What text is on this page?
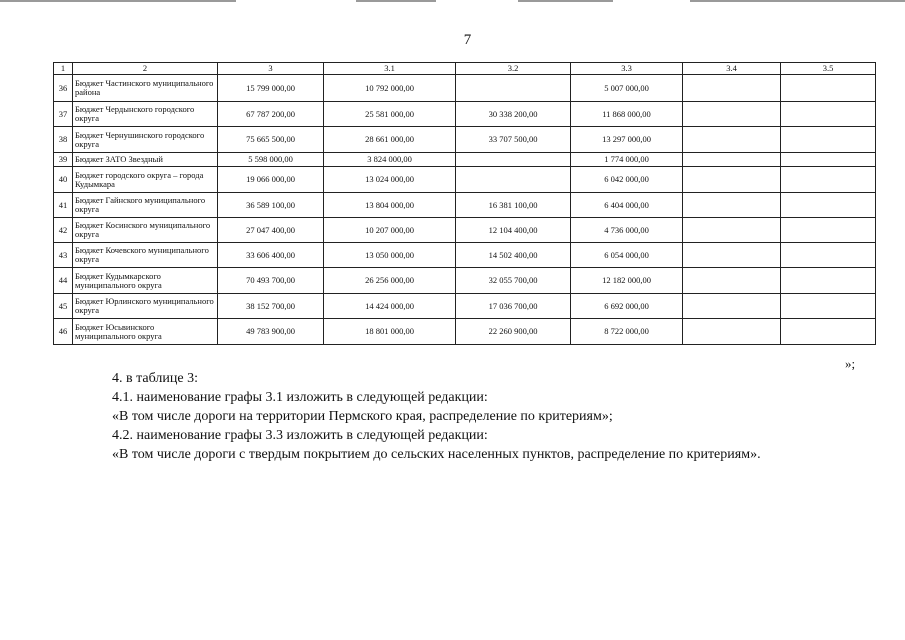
7
1	2	3	3.1	3.2	3.3	3.4	3.5
36	Бюджет Частинского муниципального района	15 799 000,00	10 792 000,00		5 007 000,00		
37	Бюджет Чердынского городского округа	67 787 200,00	25 581 000,00	30 338 200,00	11 868 000,00		
38	Бюджет Чернушинского городского округа	75 665 500,00	28 661 000,00	33 707 500,00	13 297 000,00		
39	Бюджет ЗАТО Звездный	5 598 000,00	3 824 000,00		1 774 000,00		
40	Бюджет городского округа – города Кудымкара	19 066 000,00	13 024 000,00		6 042 000,00		
41	Бюджет Гайнского муниципального округа	36 589 100,00	13 804 000,00	16 381 100,00	6 404 000,00		
42	Бюджет Косинского муниципального округа	27 047 400,00	10 207 000,00	12 104 400,00	4 736 000,00		
43	Бюджет Кочевского муниципального округа	33 606 400,00	13 050 000,00	14 502 400,00	6 054 000,00		
44	Бюджет Кудымкарского муниципального округа	70 493 700,00	26 256 000,00	32 055 700,00	12 182 000,00		
45	Бюджет Юрлинского муниципального округа	38 152 700,00	14 424 000,00	17 036 700,00	6 692 000,00		
46	Бюджет Юсьвинского муниципального округа	49 783 900,00	18 801 000,00	22 260 900,00	8 722 000,00		
»;

4. в таблице 3:

4.1. наименование графы 3.1 изложить в следующей редакции:

«В том числе дороги на территории Пермского края, распределение по критериям»;

4.2. наименование графы 3.3 изложить в следующей редакции:

«В том числе дороги с твердым покрытием до сельских населенных пунктов, распределение по критериям».
